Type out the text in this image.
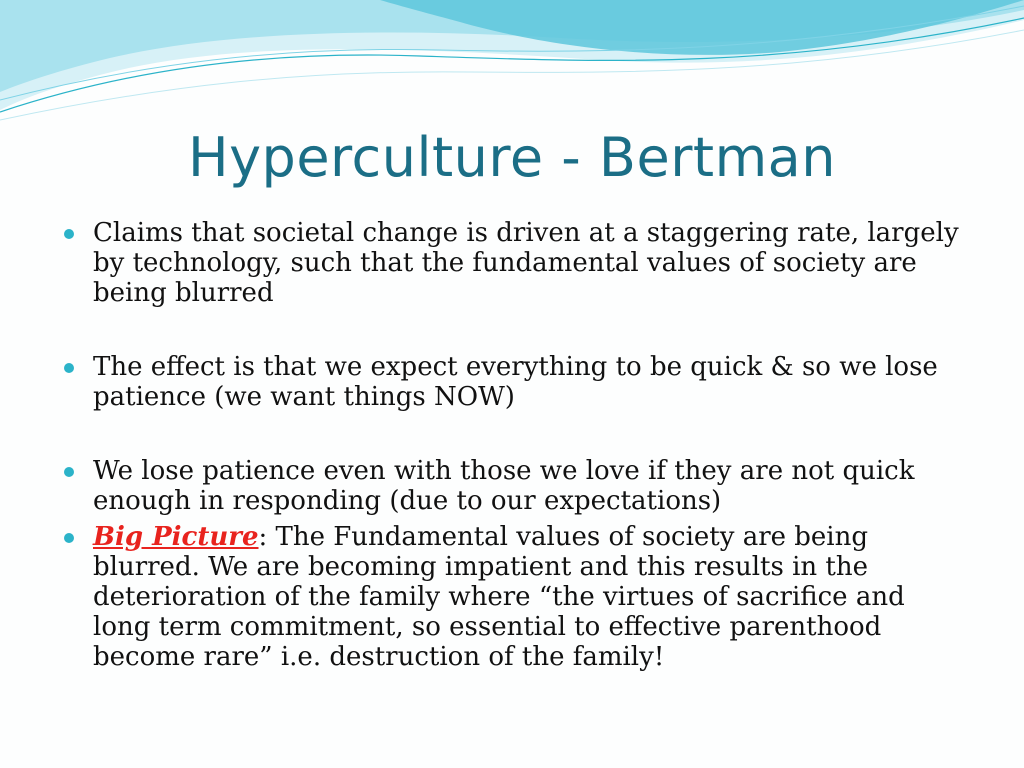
Hyperculture - Bertman
Claims that societal change is driven at a staggering rate, largely by technology, such that the fundamental values of society are being blurred
The effect is that we expect everything to be quick & so we lose patience (we want things NOW)
We lose patience even with those we love if they are not quick enough in responding (due to our expectations)
Big Picture: The Fundamental values of society are being blurred. We are becoming impatient and this results in the deterioration of the family where “the virtues of sacrifice and long term commitment, so essential to effective parenthood become rare” i.e. destruction of the family!
